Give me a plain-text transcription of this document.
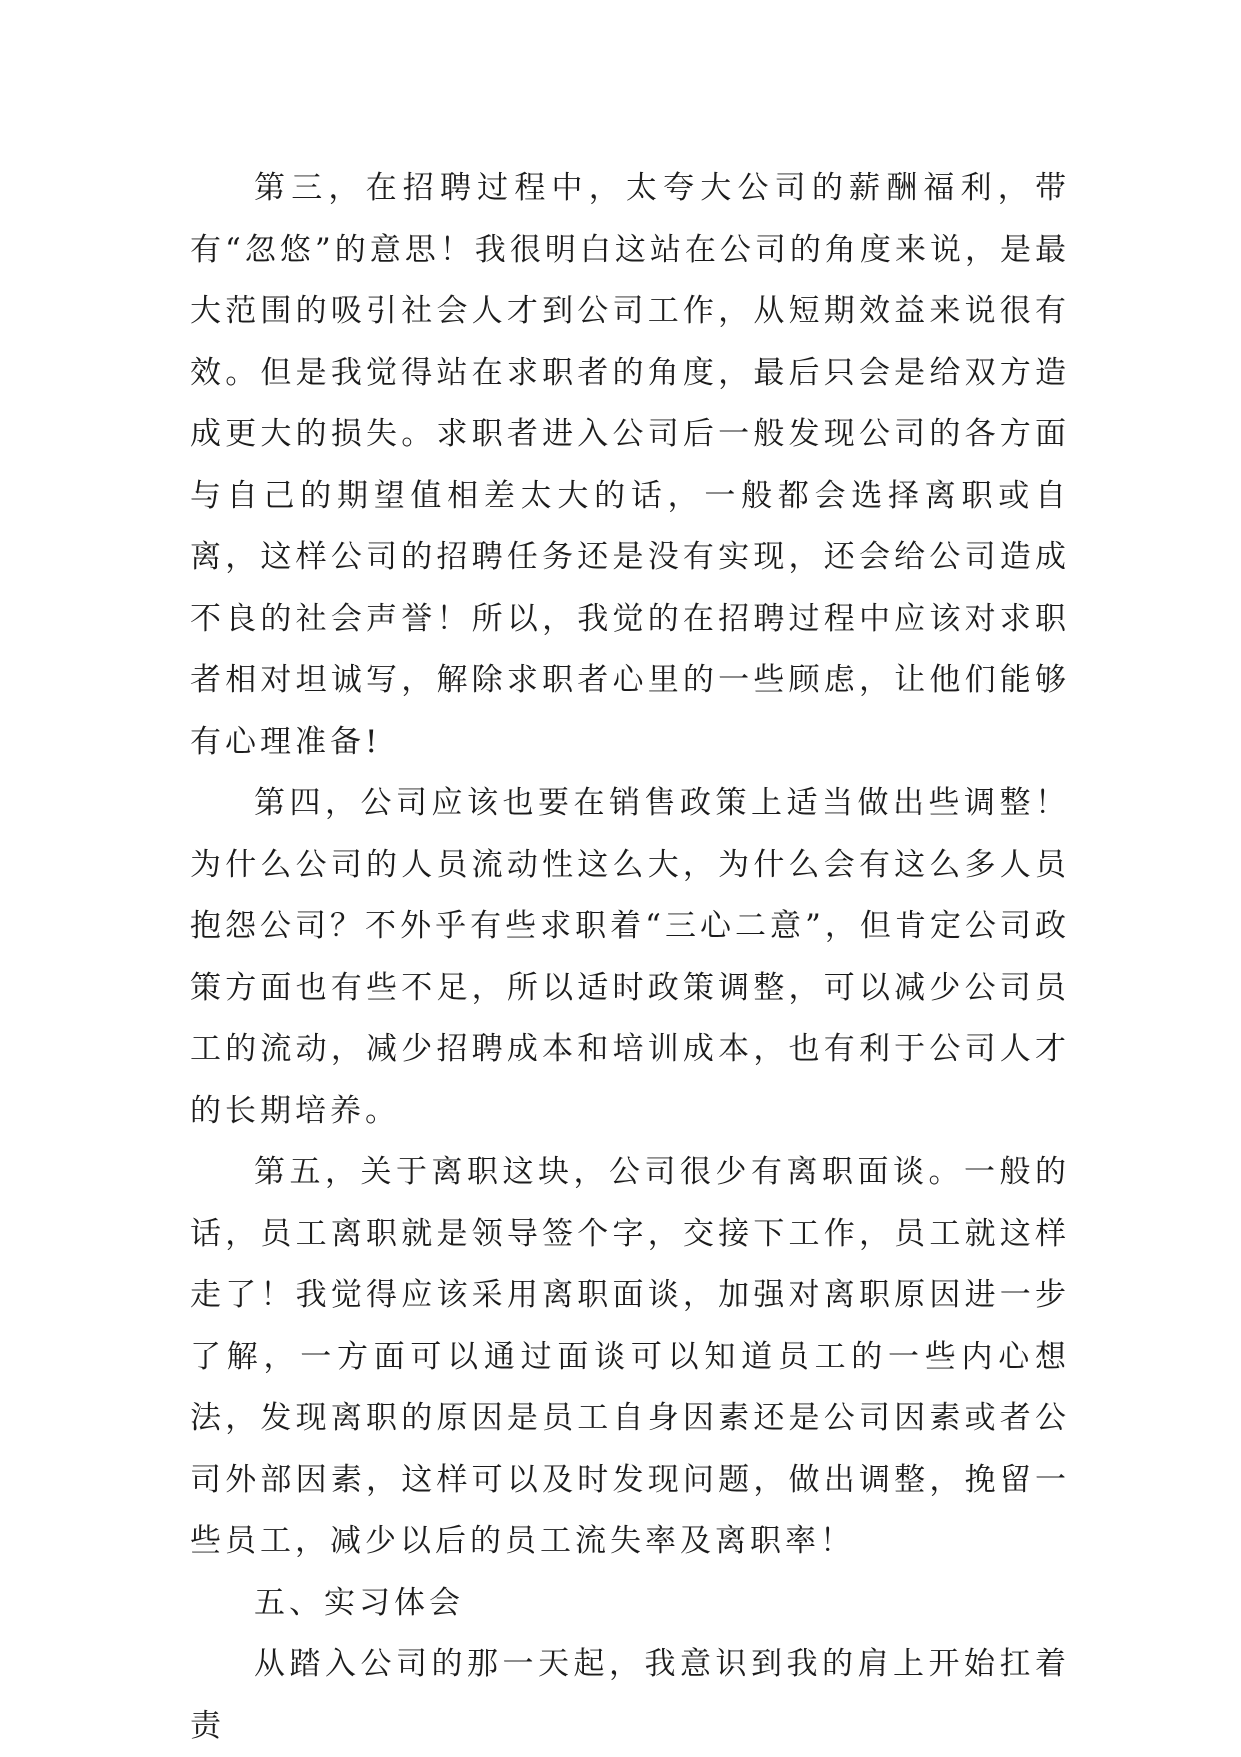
第三，在招聘过程中，太夸大公司的薪酬福利，带有“忽悠”的意思！我很明白这站在公司的角度来说，是最大范围的吸引社会人才到公司工作，从短期效益来说很有效。但是我觉得站在求职者的角度，最后只会是给双方造成更大的损失。求职者进入公司后一般发现公司的各方面与自己的期望值相差太大的话，一般都会选择离职或自离，这样公司的招聘任务还是没有实现，还会给公司造成不良的社会声誉！所以，我觉的在招聘过程中应该对求职者相对坦诚写，解除求职者心里的一些顾虑，让他们能够有心理准备!

第四，公司应该也要在销售政策上适当做出些调整！为什么公司的人员流动性这么大，为什么会有这么多人员抱怨公司？不外乎有些求职着“三心二意”，但肯定公司政策方面也有些不足，所以适时政策调整，可以减少公司员工的流动，减少招聘成本和培训成本，也有利于公司人才的长期培养。

第五，关于离职这块，公司很少有离职面谈。一般的话，员工离职就是领导签个字，交接下工作，员工就这样走了！我觉得应该采用离职面谈，加强对离职原因进一步了解，一方面可以通过面谈可以知道员工的一些内心想法，发现离职的原因是员工自身因素还是公司因素或者公司外部因素，这样可以及时发现问题，做出调整，挽留一些员工，减少以后的员工流失率及离职率！

五、实习体会

从踏入公司的那一天起，我意识到我的肩上开始扛着责
